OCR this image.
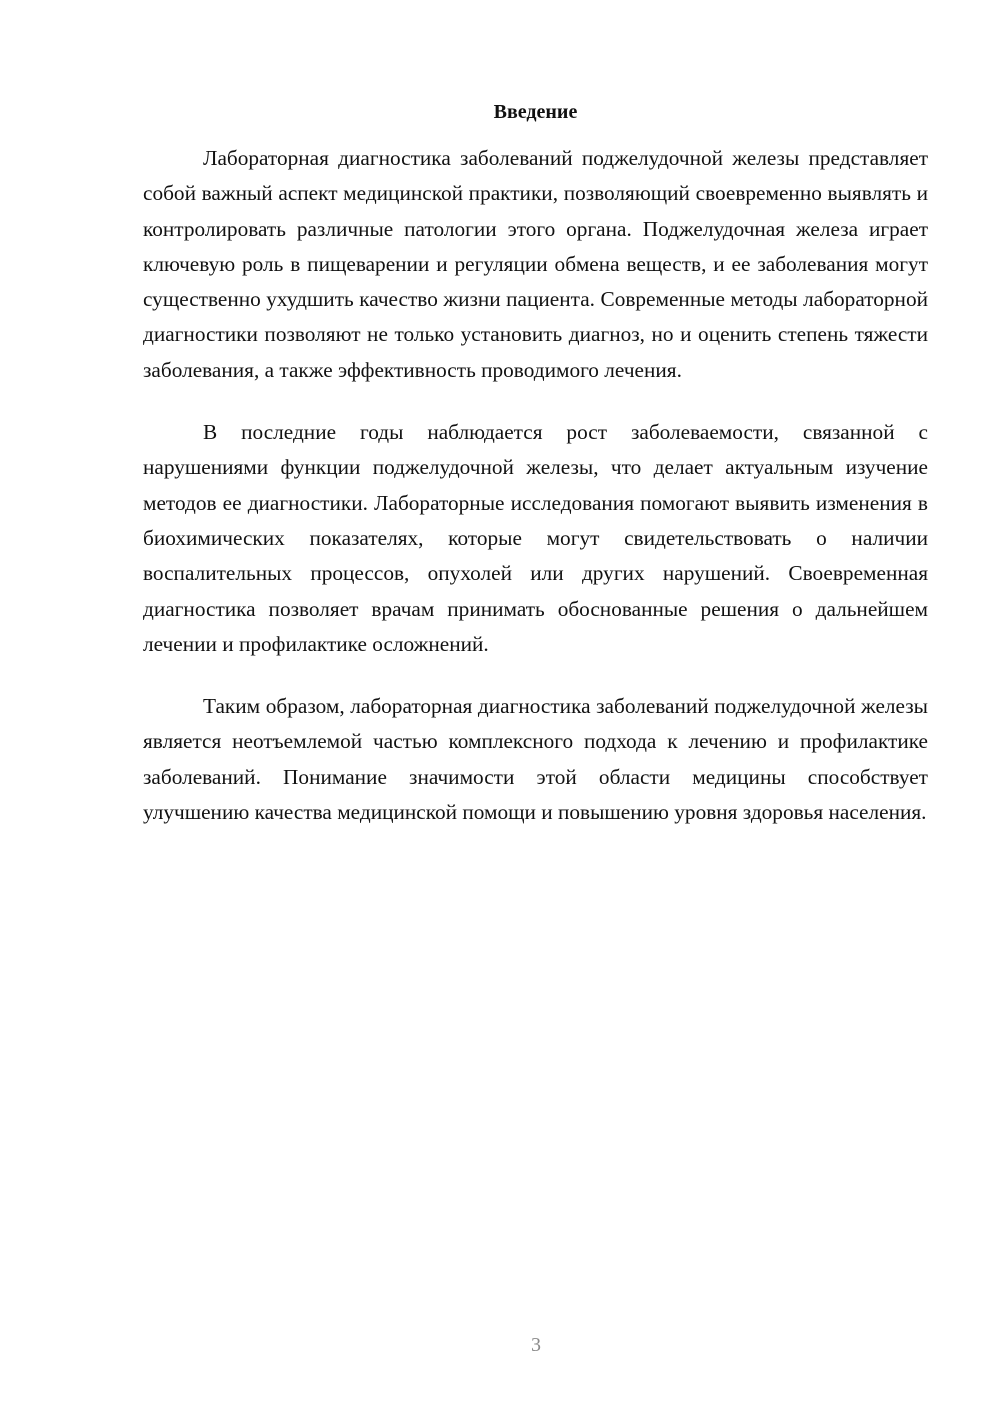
Введение

Лабораторная диагностика заболеваний поджелудочной железы представляет собой важный аспект медицинской практики, позволяющий своевременно выявлять и контролировать различные патологии этого органа. Поджелудочная железа играет ключевую роль в пищеварении и регуляции обмена веществ, и ее заболевания могут существенно ухудшить качество жизни пациента. Современные методы лабораторной диагностики позволяют не только установить диагноз, но и оценить степень тяжести заболевания, а также эффективность проводимого лечения.

В последние годы наблюдается рост заболеваемости, связанной с нарушениями функции поджелудочной железы, что делает актуальным изучение методов ее диагностики. Лабораторные исследования помогают выявить изменения в биохимических показателях, которые могут свидетельствовать о наличии воспалительных процессов, опухолей или других нарушений. Своевременная диагностика позволяет врачам принимать обоснованные решения о дальнейшем лечении и профилактике осложнений.

Таким образом, лабораторная диагностика заболеваний поджелудочной железы является неотъемлемой частью комплексного подхода к лечению и профилактике заболеваний. Понимание значимости этой области медицины способствует улучшению качества медицинской помощи и повышению уровня здоровья населения.

3
